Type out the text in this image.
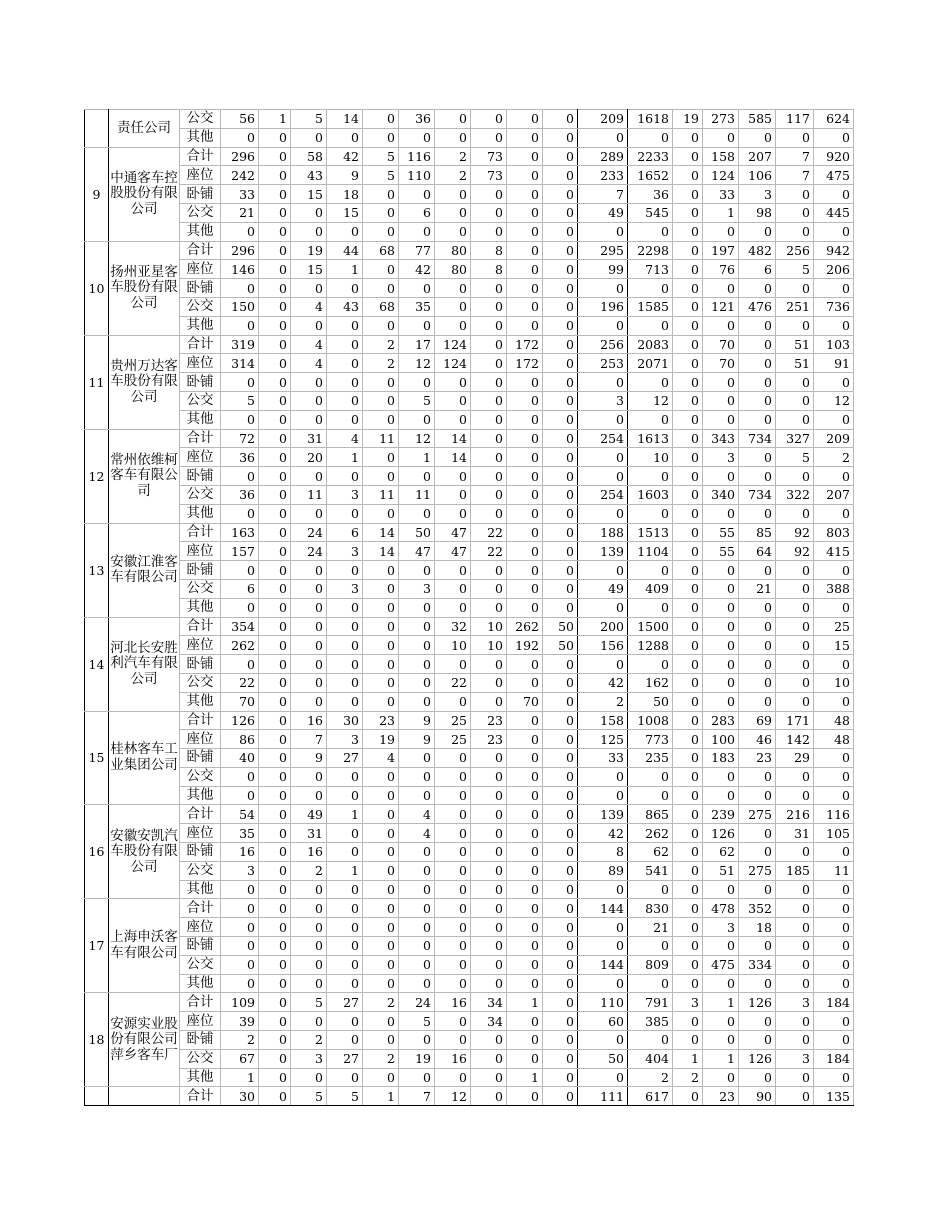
	责任公司	公交	56	1	5	14	0	36	0	0	0	0	209	1618	19	273	585	117	624
		其他	0	0	0	0	0	0	0	0	0	0	0	0	0	0	0	0	0
9	中通客车控股股份有限公司	合计	296	0	58	42	5	116	2	73	0	0	289	2233	0	158	207	7	920
		座位	242	0	43	9	5	110	2	73	0	0	233	1652	0	124	106	7	475
		卧铺	33	0	15	18	0	0	0	0	0	0	7	36	0	33	3	0	0
		公交	21	0	0	15	0	6	0	0	0	0	49	545	0	1	98	0	445
		其他	0	0	0	0	0	0	0	0	0	0	0	0	0	0	0	0	0
10	扬州亚星客车股份有限公司	合计	296	0	19	44	68	77	80	8	0	0	295	2298	0	197	482	256	942
		座位	146	0	15	1	0	42	80	8	0	0	99	713	0	76	6	5	206
		卧铺	0	0	0	0	0	0	0	0	0	0	0	0	0	0	0	0	0
		公交	150	0	4	43	68	35	0	0	0	0	196	1585	0	121	476	251	736
		其他	0	0	0	0	0	0	0	0	0	0	0	0	0	0	0	0	0
11	贵州万达客车股份有限公司	合计	319	0	4	0	2	17	124	0	172	0	256	2083	0	70	0	51	103
		座位	314	0	4	0	2	12	124	0	172	0	253	2071	0	70	0	51	91
		卧铺	0	0	0	0	0	0	0	0	0	0	0	0	0	0	0	0	0
		公交	5	0	0	0	0	5	0	0	0	0	3	12	0	0	0	0	12
		其他	0	0	0	0	0	0	0	0	0	0	0	0	0	0	0	0	0
12	常州依维柯客车有限公司	合计	72	0	31	4	11	12	14	0	0	0	254	1613	0	343	734	327	209
		座位	36	0	20	1	0	1	14	0	0	0	0	10	0	3	0	5	2
		卧铺	0	0	0	0	0	0	0	0	0	0	0	0	0	0	0	0	0
		公交	36	0	11	3	11	11	0	0	0	0	254	1603	0	340	734	322	207
		其他	0	0	0	0	0	0	0	0	0	0	0	0	0	0	0	0	0
13	安徽江淮客车有限公司	合计	163	0	24	6	14	50	47	22	0	0	188	1513	0	55	85	92	803
		座位	157	0	24	3	14	47	47	22	0	0	139	1104	0	55	64	92	415
		卧铺	0	0	0	0	0	0	0	0	0	0	0	0	0	0	0	0	0
		公交	6	0	0	3	0	3	0	0	0	0	49	409	0	0	21	0	388
		其他	0	0	0	0	0	0	0	0	0	0	0	0	0	0	0	0	0
14	河北长安胜利汽车有限公司	合计	354	0	0	0	0	0	32	10	262	50	200	1500	0	0	0	0	25
		座位	262	0	0	0	0	0	10	10	192	50	156	1288	0	0	0	0	15
		卧铺	0	0	0	0	0	0	0	0	0	0	0	0	0	0	0	0	0
		公交	22	0	0	0	0	0	22	0	0	0	42	162	0	0	0	0	10
		其他	70	0	0	0	0	0	0	0	70	0	2	50	0	0	0	0	0
15	桂林客车工业集团公司	合计	126	0	16	30	23	9	25	23	0	0	158	1008	0	283	69	171	48
		座位	86	0	7	3	19	9	25	23	0	0	125	773	0	100	46	142	48
		卧铺	40	0	9	27	4	0	0	0	0	0	33	235	0	183	23	29	0
		公交	0	0	0	0	0	0	0	0	0	0	0	0	0	0	0	0	0
		其他	0	0	0	0	0	0	0	0	0	0	0	0	0	0	0	0	0
16	安徽安凯汽车股份有限公司	合计	54	0	49	1	0	4	0	0	0	0	139	865	0	239	275	216	116
		座位	35	0	31	0	0	4	0	0	0	0	42	262	0	126	0	31	105
		卧铺	16	0	16	0	0	0	0	0	0	0	8	62	0	62	0	0	0
		公交	3	0	2	1	0	0	0	0	0	0	89	541	0	51	275	185	11
		其他	0	0	0	0	0	0	0	0	0	0	0	0	0	0	0	0	0
17	上海申沃客车有限公司	合计	0	0	0	0	0	0	0	0	0	0	144	830	0	478	352	0	0
		座位	0	0	0	0	0	0	0	0	0	0	0	21	0	3	18	0	0
		卧铺	0	0	0	0	0	0	0	0	0	0	0	0	0	0	0	0	0
		公交	0	0	0	0	0	0	0	0	0	0	144	809	0	475	334	0	0
		其他	0	0	0	0	0	0	0	0	0	0	0	0	0	0	0	0	0
18	安源实业股份有限公司萍乡客车厂	合计	109	0	5	27	2	24	16	34	1	0	110	791	3	1	126	3	184
		座位	39	0	0	0	0	5	0	34	0	0	60	385	0	0	0	0	0
		卧铺	2	0	2	0	0	0	0	0	0	0	0	0	0	0	0	0	0
		公交	67	0	3	27	2	19	16	0	0	0	50	404	1	1	126	3	184
		其他	1	0	0	0	0	0	0	0	1	0	0	2	2	0	0	0	0
		合计	30	0	5	5	1	7	12	0	0	0	111	617	0	23	90	0	135
